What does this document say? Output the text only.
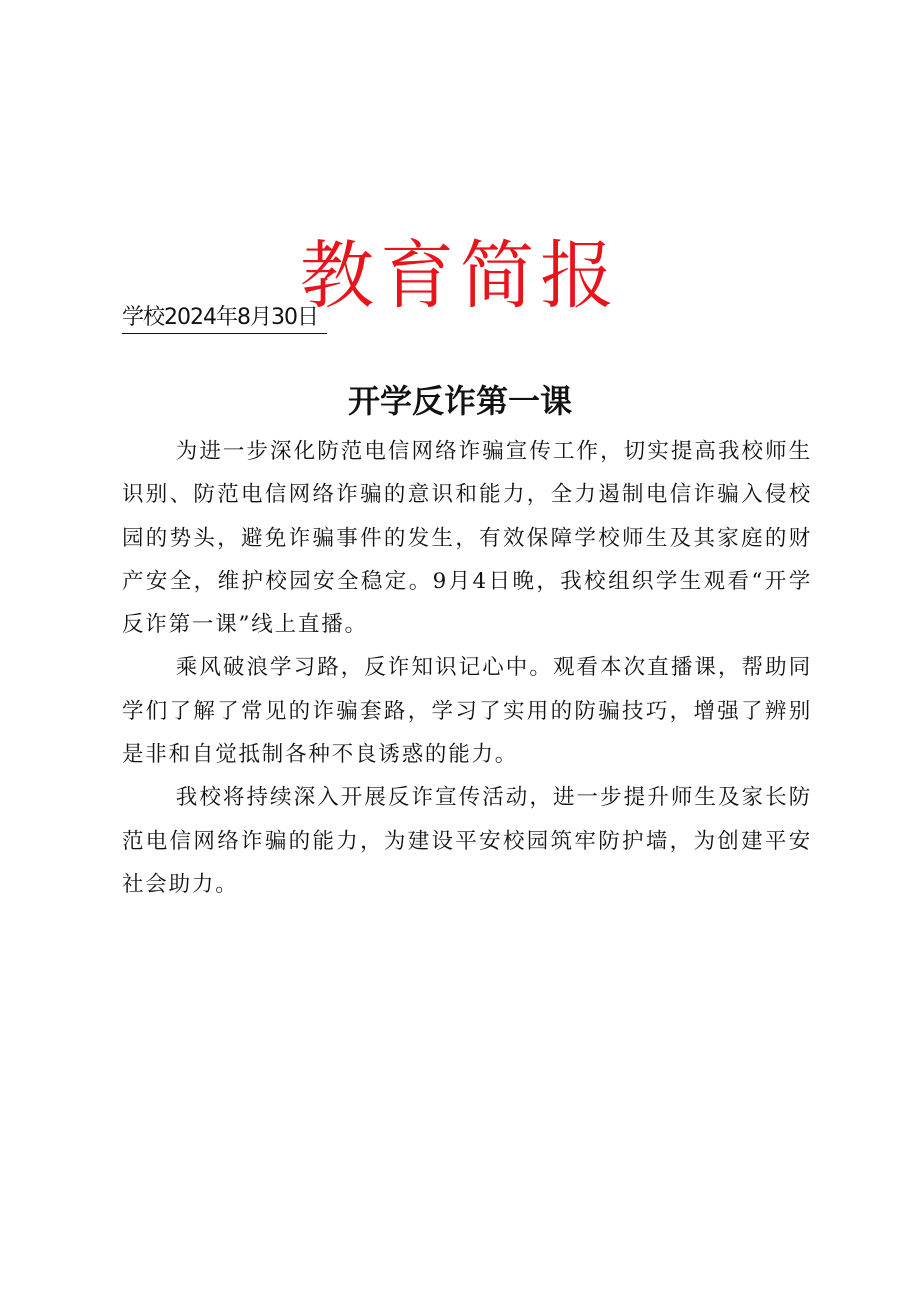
教育简报
学校2024年8月30日
开学反诈第一课

为进一步深化防范电信网络诈骗宣传工作，切实提高我校师生识别、防范电信网络诈骗的意识和能力，全力遏制电信诈骗入侵校园的势头，避免诈骗事件的发生，有效保障学校师生及其家庭的财产安全，维护校园安全稳定。9月4日晚，我校组织学生观看“开学反诈第一课”线上直播。

乘风破浪学习路，反诈知识记心中。观看本次直播课，帮助同学们了解了常见的诈骗套路，学习了实用的防骗技巧，增强了辨别是非和自觉抵制各种不良诱惑的能力。

我校将持续深入开展反诈宣传活动，进一步提升师生及家长防范电信网络诈骗的能力，为建设平安校园筑牢防护墙，为创建平安社会助力。
